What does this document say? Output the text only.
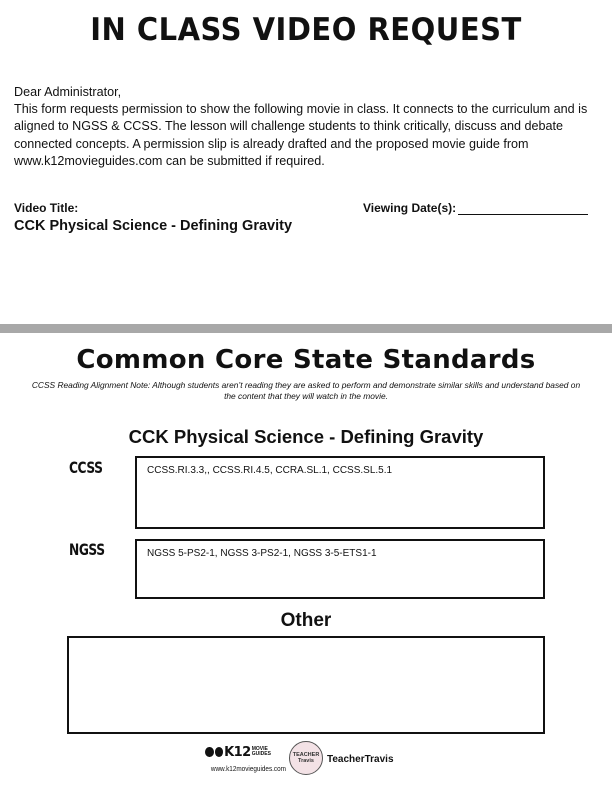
IN CLASS VIDEO REQUEST
Dear Administrator,
This form requests permission to show the following movie in class. It connects to the curriculum and is aligned to NGSS & CCSS. The lesson will challenge students to think critically, discuss and debate connected concepts. A permission slip is already drafted and the proposed movie guide from www.k12movieguides.com can be submitted if required.
Video Title:
CCK Physical Science - Defining Gravity
Viewing Date(s):
Common Core State Standards
CCSS Reading Alignment Note: Although students aren’t reading they are asked to perform and demonstrate similar skills and understand based on the content that they will watch in the movie.
CCK Physical Science - Defining Gravity
CCSS	CCSS.RI.3.3,, CCSS.RI.4.5, CCRA.SL.1, CCSS.SL.5.1
NGSS	NGSS 5-PS2-1, NGSS 3-PS2-1, NGSS 3-5-ETS1-1
Other
K12 MOVIE GUIDES
www.k12movieguides.com
TEACHER Travis	TeacherTravis
